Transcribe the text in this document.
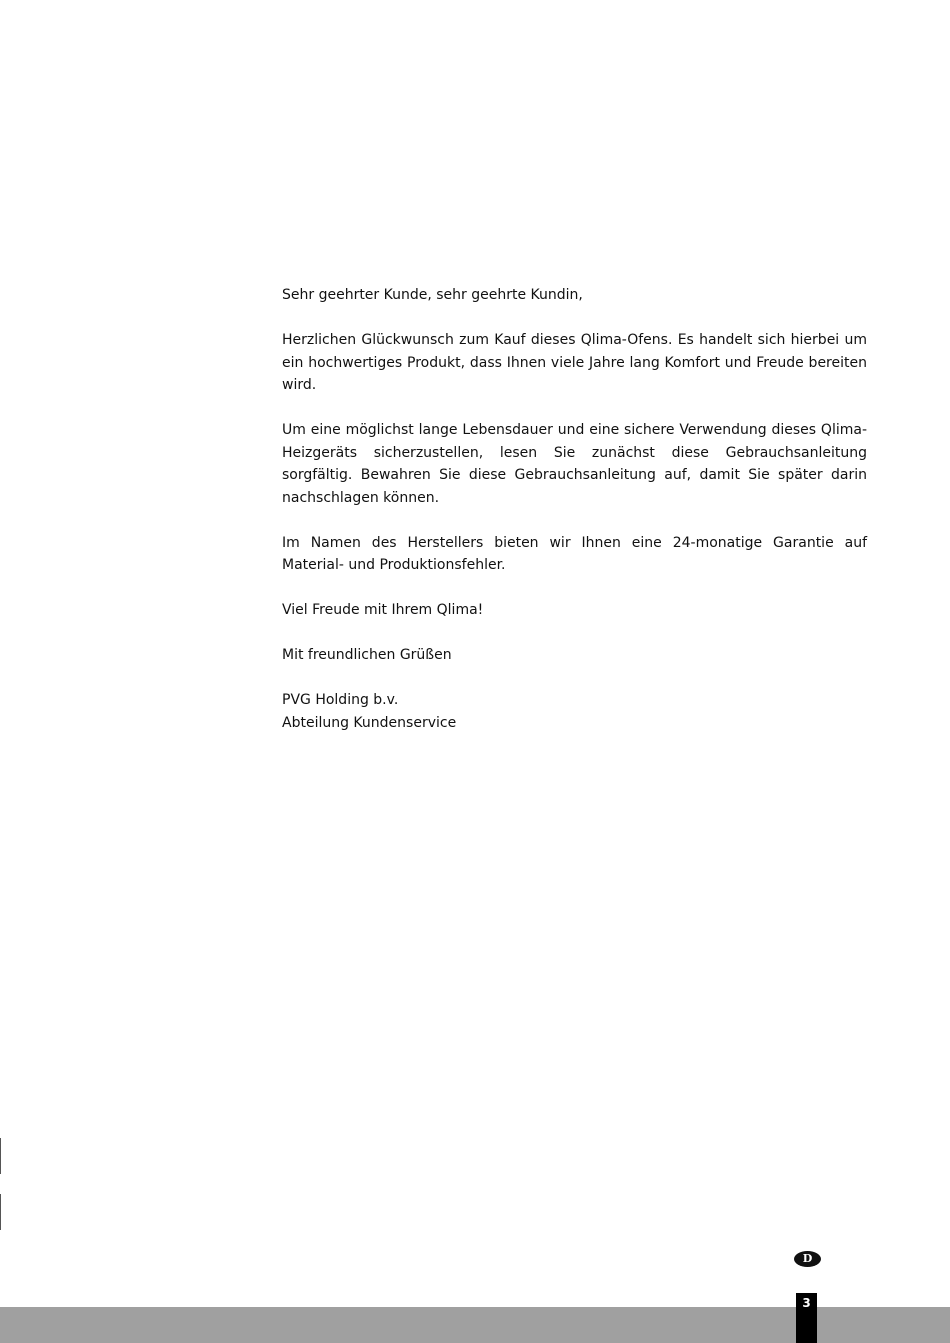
Sehr geehrter Kunde, sehr geehrte Kundin,

Herzlichen Glückwunsch zum Kauf dieses Qlima-Ofens. Es handelt sich hierbei um ein hochwertiges Produkt, dass Ihnen viele Jahre lang Komfort und Freude bereiten wird.

Um eine möglichst lange Lebensdauer und eine sichere Verwendung dieses Qlima-Heizgeräts sicherzustellen, lesen Sie zunächst diese Gebrauchsanleitung sorgfältig. Bewahren Sie diese Gebrauchsanleitung auf, damit Sie später darin nachschlagen können.

Im Namen des Herstellers bieten wir Ihnen eine 24-monatige Garantie auf Material- und Produktionsfehler.

Viel Freude mit Ihrem Qlima!

Mit freundlichen Grüßen

PVG Holding b.v.
Abteilung Kundenservice

D
3
